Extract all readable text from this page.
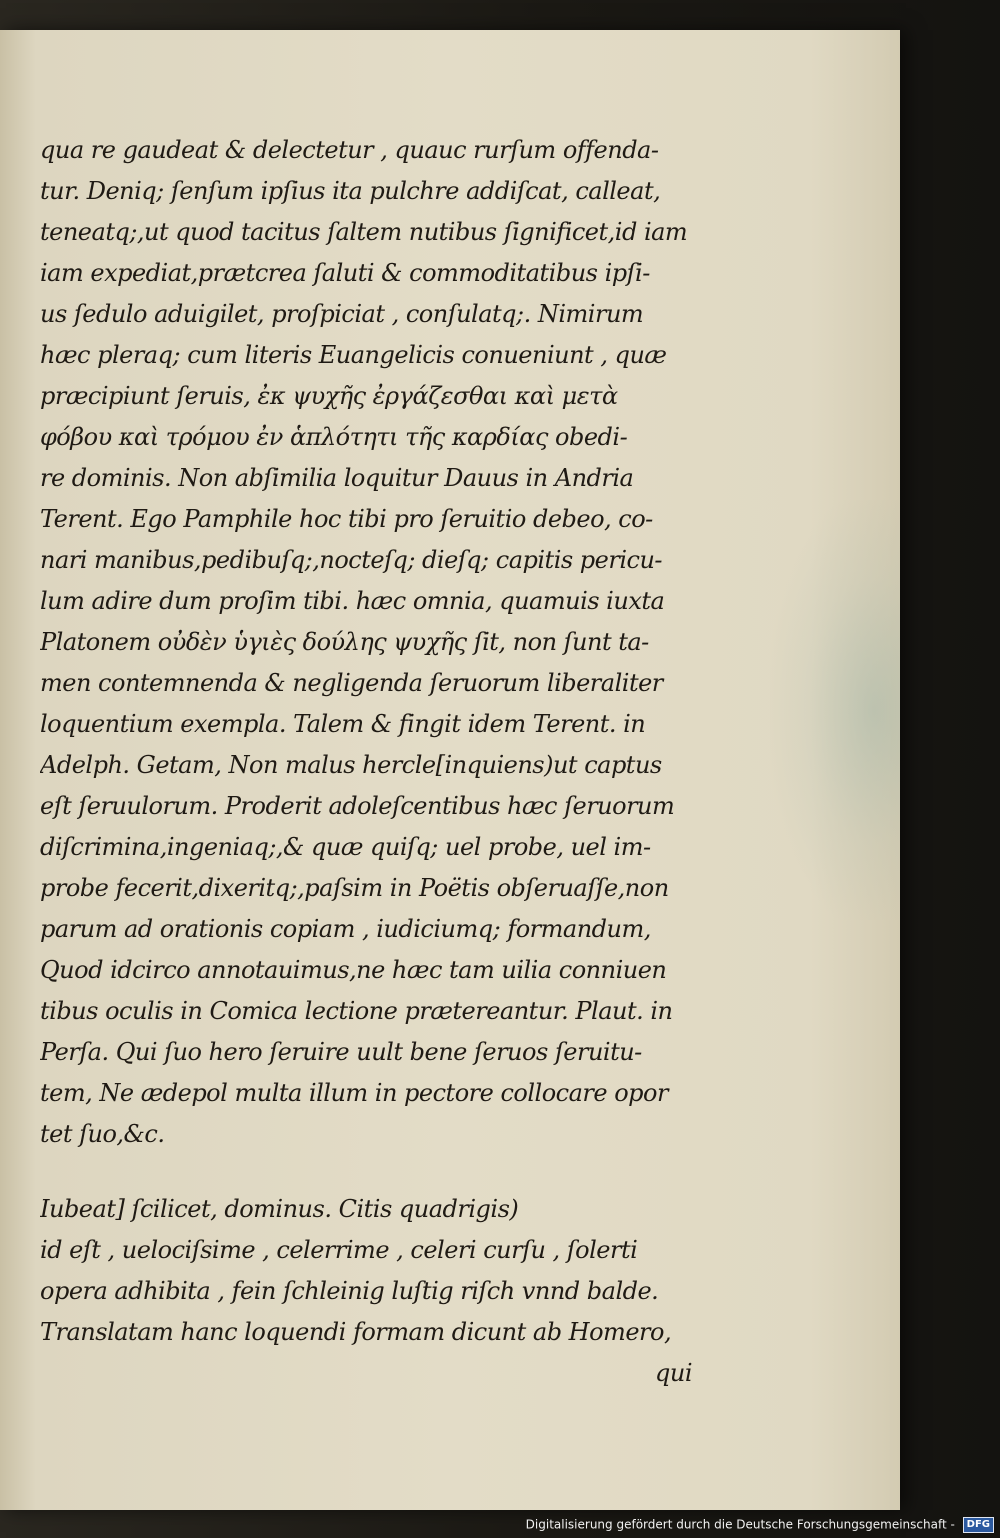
qua re gaudeat & delectetur , quauc rurſum offenda-
tur. Deniq; ſenſum ipſius ita pulchre addiſcat, calleat,
teneatq;,ut quod tacitus ſaltem nutibus ſignificet,id iam
iam expediat,prætcrea ſaluti & commoditatibus ipſi-
us ſedulo aduigilet, proſpiciat , conſulatq;. Nimirum
hæc pleraq; cum literis Euangelicis conueniunt , quæ
præcipiunt ſeruis, ἐκ ψυχῆς ἐργάζεσθαι καὶ μετὰ
φόβου καὶ τρόμου ἐν ἁπλότητι τῆς καρδίας obedi-
re dominis. Non abſimilia loquitur Dauus in Andria
Terent. Ego Pamphile hoc tibi pro ſeruitio debeo, co-
nari manibus,pedibuſq;,nocteſq; dieſq; capitis pericu-
lum adire dum proſim tibi. hæc omnia, quamuis iuxta
Platonem οὐδὲν ὑγιὲς δούλης ψυχῆς ſit, non ſunt ta-
men contemnenda & negligenda ſeruorum liberaliter
loquentium exempla. Talem & fingit idem Terent. in
Adelph. Getam, Non malus hercle[inquiens)ut captus
eſt ſeruulorum. Proderit adoleſcentibus hæc ſeruorum
diſcrimina,ingeniaq;,& quæ quiſq; uel probe, uel im-
probe fecerit,dixeritq;,paſsim in Poëtis obſeruaſſe,non
parum ad orationis copiam , iudiciumq; formandum,
Quod idcirco annotauimus,ne hæc tam uilia conniuen
tibus oculis in Comica lectione prætereantur. Plaut. in
Perſa. Qui ſuo hero ſeruire uult bene ſeruos ſeruitu-
tem, Ne ædepol multa illum in pectore collocare opor
tet ſuo,&c.
Iubeat] ſcilicet, dominus. Citis quadrigis)
id eſt , uelociſsime , celerrime , celeri curſu , ſolerti
opera adhibita , fein ſchleinig luſtig riſch vnnd balde.
Translatam hanc loquendi formam dicunt ab Homero,
qui
Digitalisierung gefördert durch die Deutsche Forschungsgemeinschaft - DFG
